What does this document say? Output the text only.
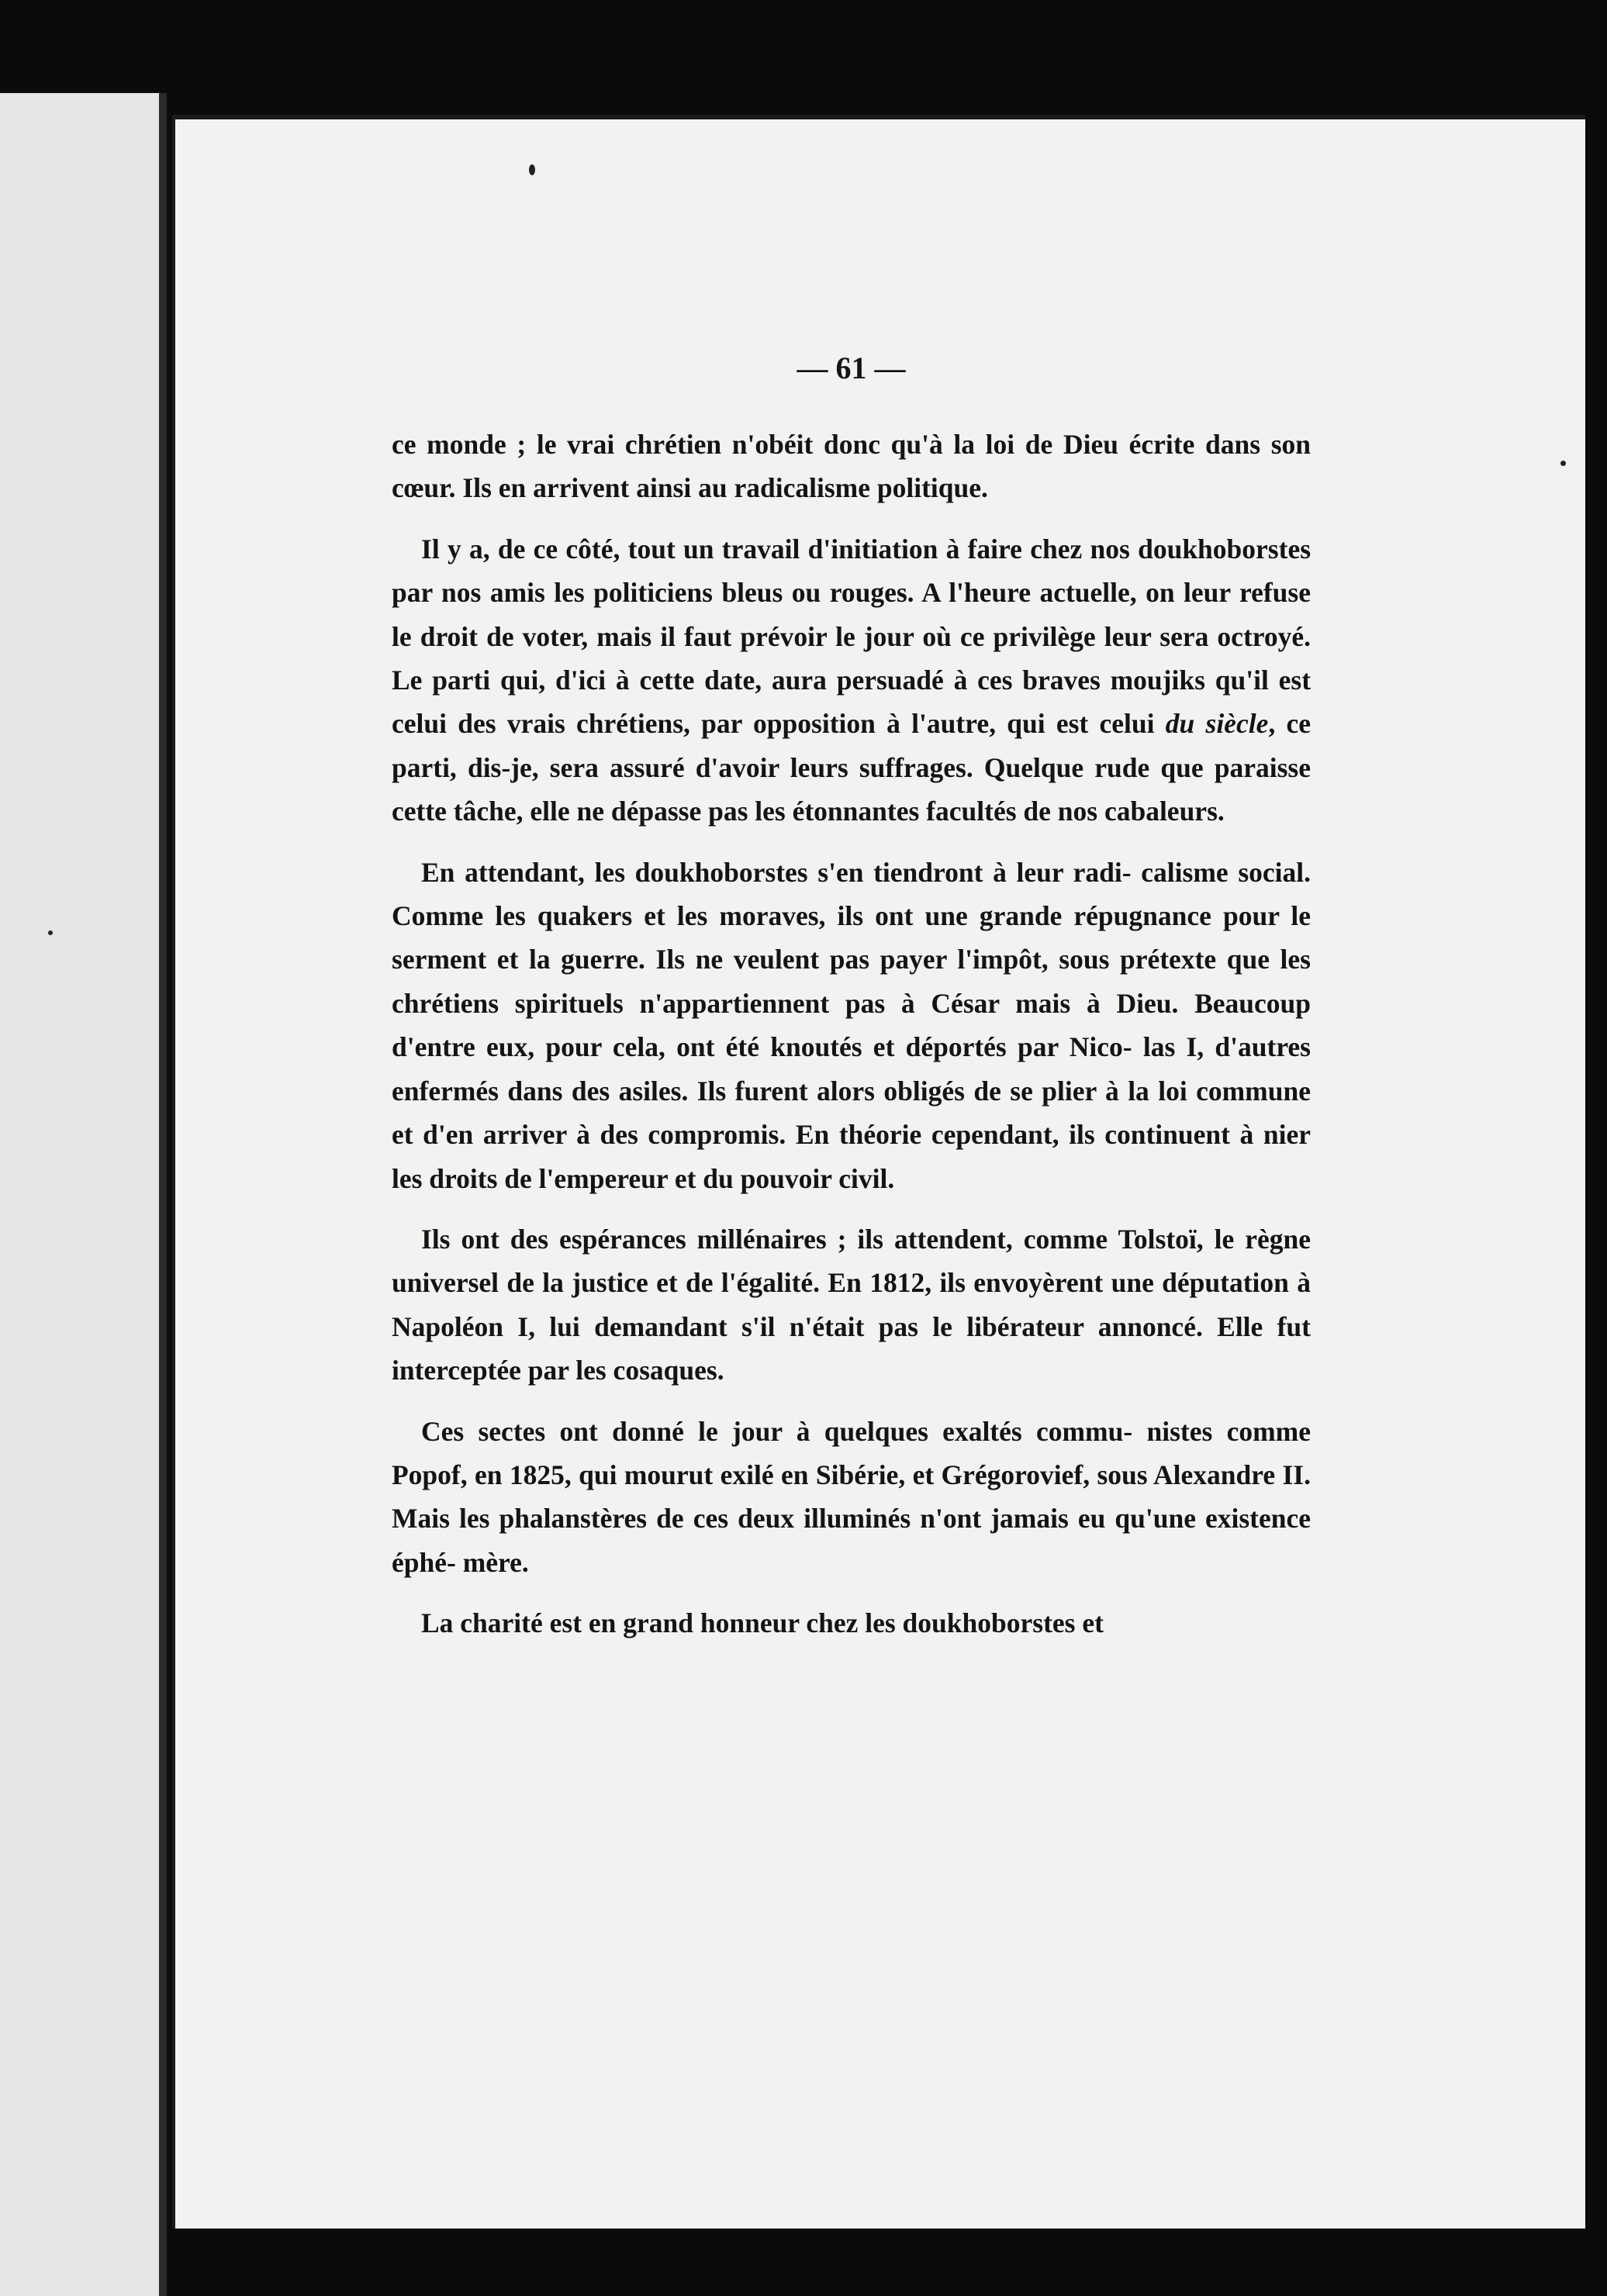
— 61 —

ce monde ; le vrai chrétien n'obéit donc qu'à la loi de Dieu écrite dans son cœur. Ils en arrivent ainsi au radicalisme politique.

Il y a, de ce côté, tout un travail d'initiation à faire chez nos doukhoborstes par nos amis les politiciens bleus ou rouges. A l'heure actuelle, on leur refuse le droit de voter, mais il faut prévoir le jour où ce privilège leur sera octroyé. Le parti qui, d'ici à cette date, aura persuadé à ces braves moujiks qu'il est celui des vrais chrétiens, par opposition à l'autre, qui est celui du siècle, ce parti, dis-je, sera assuré d'avoir leurs suffrages. Quelque rude que paraisse cette tâche, elle ne dépasse pas les étonnantes facultés de nos cabaleurs.

En attendant, les doukhoborstes s'en tiendront à leur radi- calisme social. Comme les quakers et les moraves, ils ont une grande répugnance pour le serment et la guerre. Ils ne veulent pas payer l'impôt, sous prétexte que les chrétiens spirituels n'appartiennent pas à César mais à Dieu. Beaucoup d'entre eux, pour cela, ont été knoutés et déportés par Nico- las I, d'autres enfermés dans des asiles. Ils furent alors obligés de se plier à la loi commune et d'en arriver à des compromis. En théorie cependant, ils continuent à nier les droits de l'empereur et du pouvoir civil.

Ils ont des espérances millénaires ; ils attendent, comme Tolstoï, le règne universel de la justice et de l'égalité. En 1812, ils envoyèrent une députation à Napoléon I, lui demandant s'il n'était pas le libérateur annoncé. Elle fut interceptée par les cosaques.

Ces sectes ont donné le jour à quelques exaltés commu- nistes comme Popof, en 1825, qui mourut exilé en Sibérie, et Grégorovief, sous Alexandre II. Mais les phalanstères de ces deux illuminés n'ont jamais eu qu'une existence éphé- mère.

La charité est en grand honneur chez les doukhoborstes et
